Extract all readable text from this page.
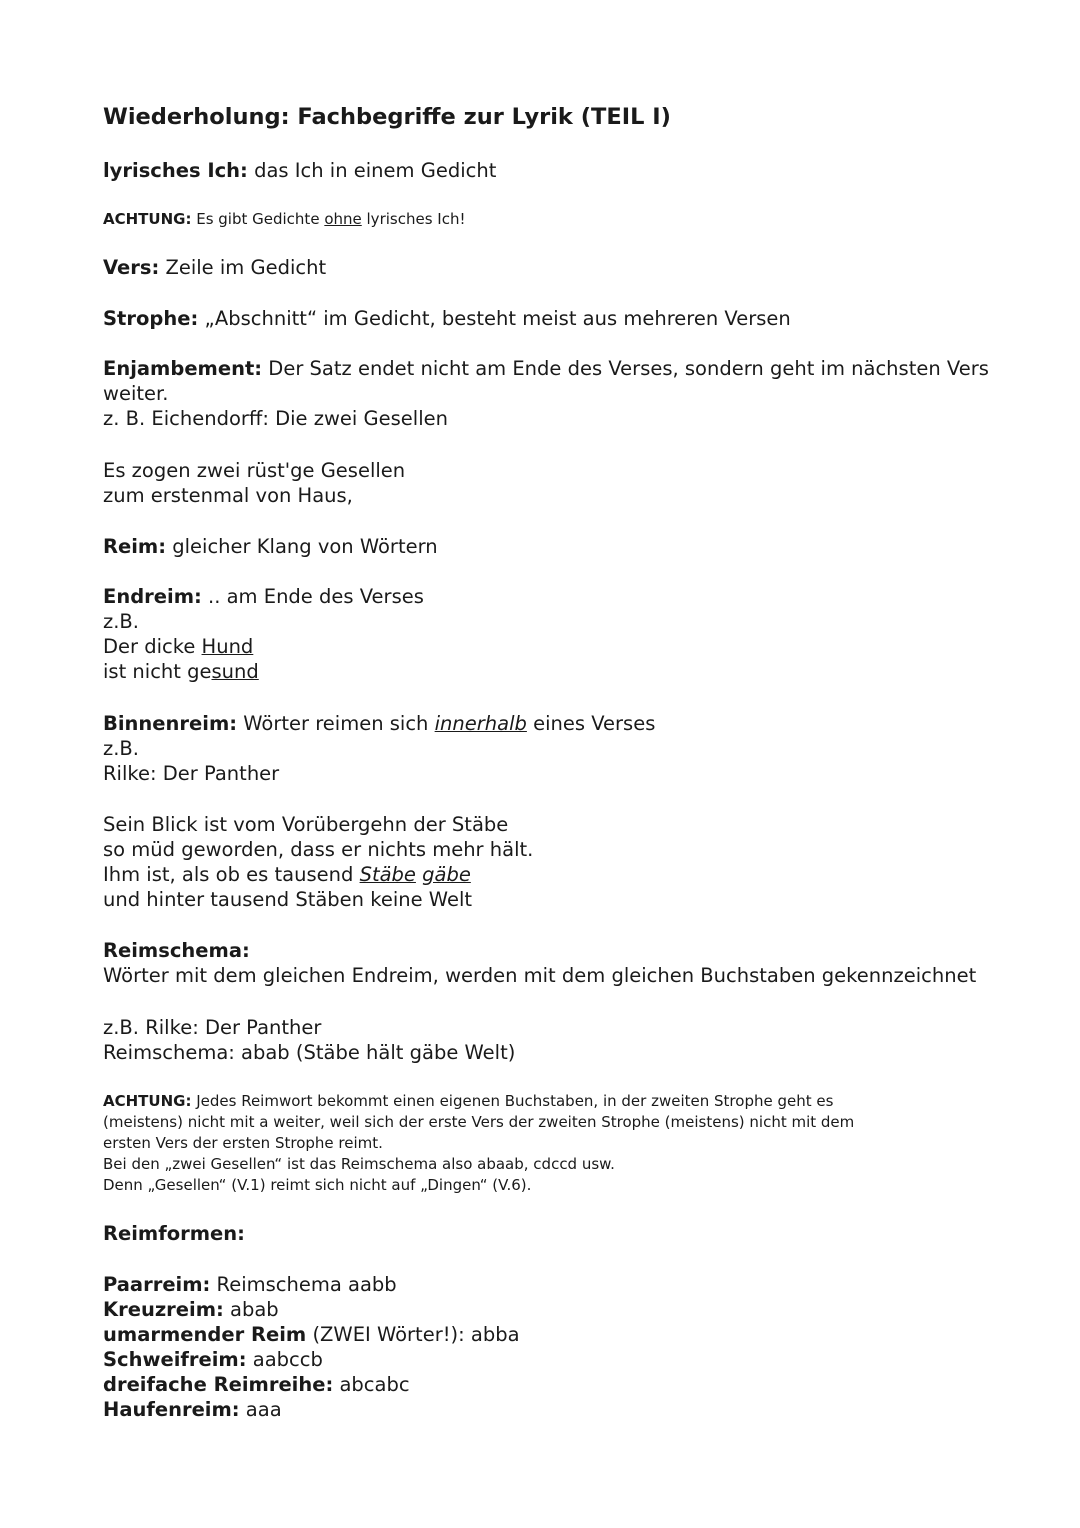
Wiederholung: Fachbegriffe zur Lyrik (TEIL I)
lyrisches Ich: das Ich in einem Gedicht
ACHTUNG: Es gibt Gedichte ohne lyrisches Ich!
Vers: Zeile im Gedicht
Strophe: „Abschnitt“ im Gedicht, besteht meist aus mehreren Versen
Enjambement: Der Satz endet nicht am Ende des Verses, sondern geht im nächsten Vers
weiter.
z. B. Eichendorff: Die zwei Gesellen
Es zogen zwei rüst'ge Gesellen
zum erstenmal von Haus,
Reim: gleicher Klang von Wörtern
Endreim: .. am Ende des Verses
z.B.
Der dicke Hund
ist nicht gesund
Binnenreim: Wörter reimen sich innerhalb eines Verses
z.B.
Rilke: Der Panther
Sein Blick ist vom Vorübergehn der Stäbe
so müd geworden, dass er nichts mehr hält.
Ihm ist, als ob es tausend Stäbe gäbe
und hinter tausend Stäben keine Welt
Reimschema:
Wörter mit dem gleichen Endreim, werden mit dem gleichen Buchstaben gekennzeichnet
z.B. Rilke: Der Panther
Reimschema: abab (Stäbe hält gäbe Welt)
ACHTUNG: Jedes Reimwort bekommt einen eigenen Buchstaben, in der zweiten Strophe geht es
(meistens) nicht mit a weiter, weil sich der erste Vers der zweiten Strophe (meistens) nicht mit dem
ersten Vers der ersten Strophe reimt.
Bei den „zwei Gesellen“ ist das Reimschema also abaab, cdccd usw.
Denn „Gesellen“ (V.1) reimt sich nicht auf „Dingen“ (V.6).
Reimformen:
Paarreim: Reimschema aabb
Kreuzreim: abab
umarmender Reim (ZWEI Wörter!): abba
Schweifreim: aabccb
dreifache Reimreihe: abcabc
Haufenreim: aaa
